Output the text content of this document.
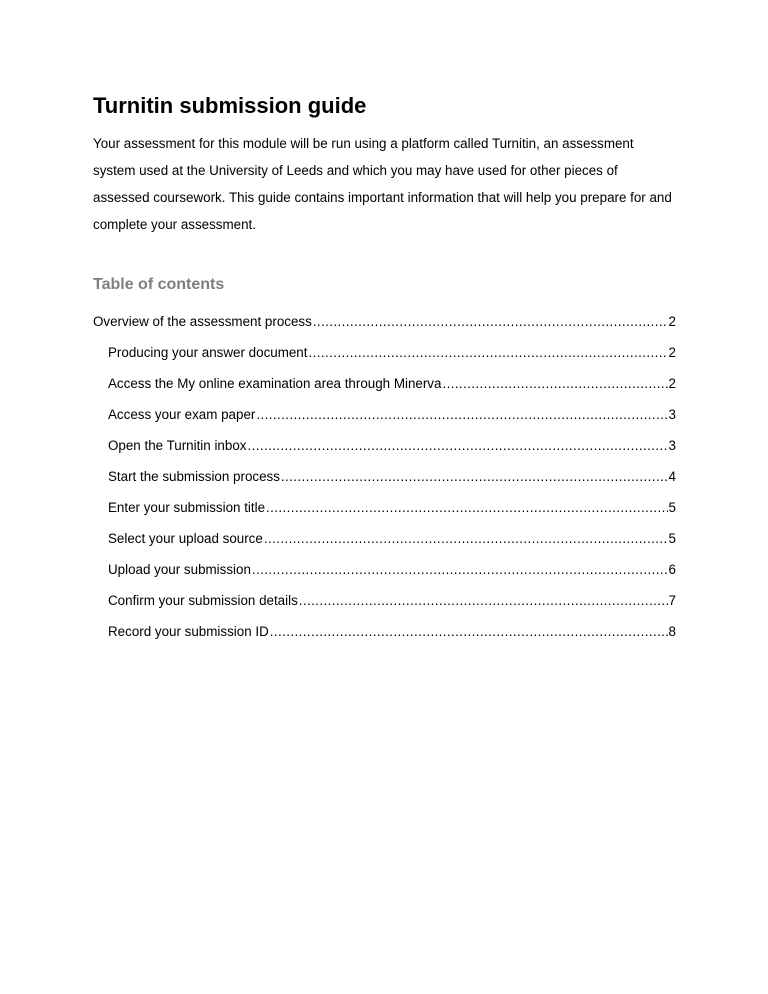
Turnitin submission guide

Your assessment for this module will be run using a platform called Turnitin, an assessment system used at the University of Leeds and which you may have used for other pieces of assessed coursework. This guide contains important information that will help you prepare for and complete your assessment.

Table of contents
Overview of the assessment process .....	2
Producing your answer document .....	2
Access the My online examination area through Minerva .....	2
Access your exam paper .....	3
Open the Turnitin inbox .....	3
Start the submission process .....	4
Enter your submission title .....	5
Select your upload source .....	5
Upload your submission .....	6
Confirm your submission details .....	7
Record your submission ID .....	8
